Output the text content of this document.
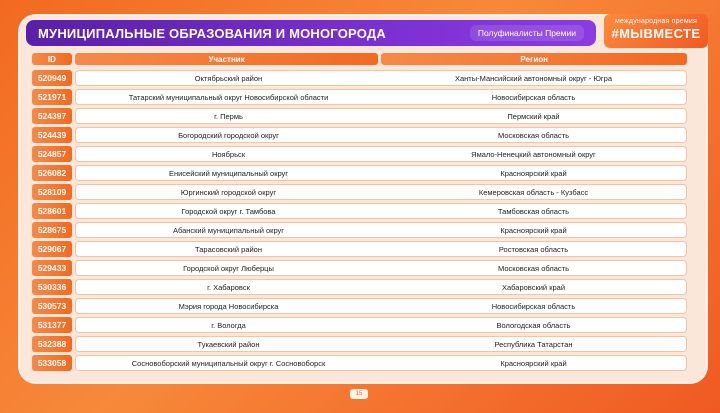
МУНИЦИПАЛЬНЫЕ ОБРАЗОВАНИЯ И МОНОГОРОДА	Полуфиналисты Премии
международная премия
#МЫВМЕСТЕ
ID	Участник	Регион
520949	Октябрьский район	Ханты-Мансийский автономный округ - Югра
521971	Татарский муниципальный округ Новосибирской области	Новосибирская область
524397	г. Пермь	Пермский край
524439	Богородский городской округ	Московская область
524857	Ноябрьск	Ямало-Ненецкий автономный округ
526082	Енисейский муниципальный округ	Красноярский край
528109	Юргинский городской округ	Кемеровская область - Кузбасс
528601	Городской округ г. Тамбова	Тамбовская область
528675	Абанский муниципальный округ	Красноярский край
529067	Тарасовский район	Ростовская область
529433	Городской округ Люберцы	Московская область
530336	г. Хабаровск	Хабаровский край
530573	Мэрия города Новосибирска	Новосибирская область
531377	г. Вологда	Вологодская область
532388	Тукаевский район	Республика Татарстан
533058	Сосновоборский муниципальный округ г. Сосновоборск	Красноярский край
15
